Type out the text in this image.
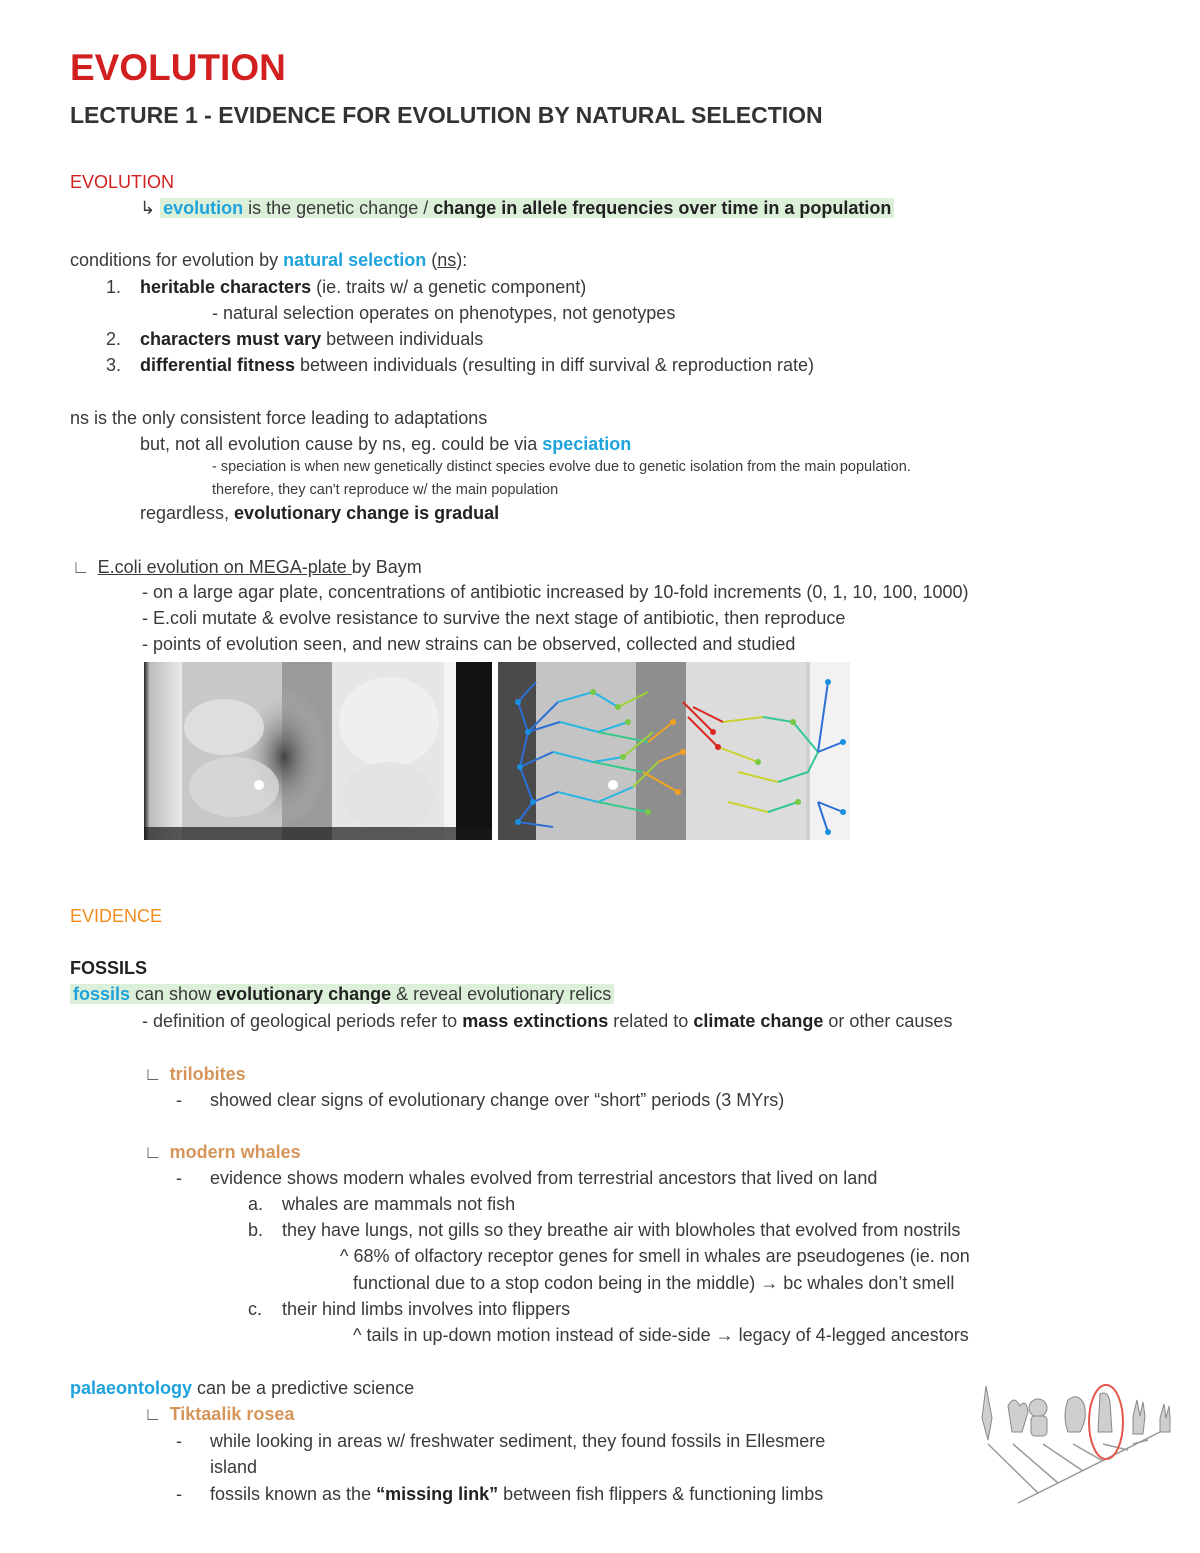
EVOLUTION
LECTURE 1 - EVIDENCE FOR EVOLUTION BY NATURAL SELECTION
EVOLUTION
↳ evolution is the genetic change / change in allele frequencies over time in a population
conditions for evolution by natural selection (ns):
1. heritable characters (ie. traits w/ a genetic component)
- natural selection operates on phenotypes, not genotypes
2. characters must vary between individuals
3. differential fitness between individuals (resulting in diff survival & reproduction rate)
ns is the only consistent force leading to adaptations
but, not all evolution cause by ns, eg. could be via speciation
- speciation is when new genetically distinct species evolve due to genetic isolation from the main population.
therefore, they can't reproduce w/ the main population
regardless, evolutionary change is gradual
∟ E.coli evolution on MEGA-plate by Baym
- on a large agar plate, concentrations of antibiotic increased by 10-fold increments (0, 1, 10, 100, 1000)
- E.coli mutate & evolve resistance to survive the next stage of antibiotic, then reproduce
- points of evolution seen, and new strains can be observed, collected and studied
EVIDENCE
FOSSILS
fossils can show evolutionary change & reveal evolutionary relics
- definition of geological periods refer to mass extinctions related to climate change or other causes
∟ trilobites
- showed clear signs of evolutionary change over “short” periods (3 MYrs)
∟ modern whales
- evidence shows modern whales evolved from terrestrial ancestors that lived on land
a. whales are mammals not fish
b. they have lungs, not gills so they breathe air with blowholes that evolved from nostrils
^ 68% of olfactory receptor genes for smell in whales are pseudogenes (ie. non
functional due to a stop codon being in the middle) → bc whales don’t smell
c. their hind limbs involves into flippers
^ tails in up-down motion instead of side-side → legacy of 4-legged ancestors
palaeontology can be a predictive science
∟ Tiktaalik rosea
- while looking in areas w/ freshwater sediment, they found fossils in Ellesmere
island
- fossils known as the “missing link” between fish flippers & functioning limbs
